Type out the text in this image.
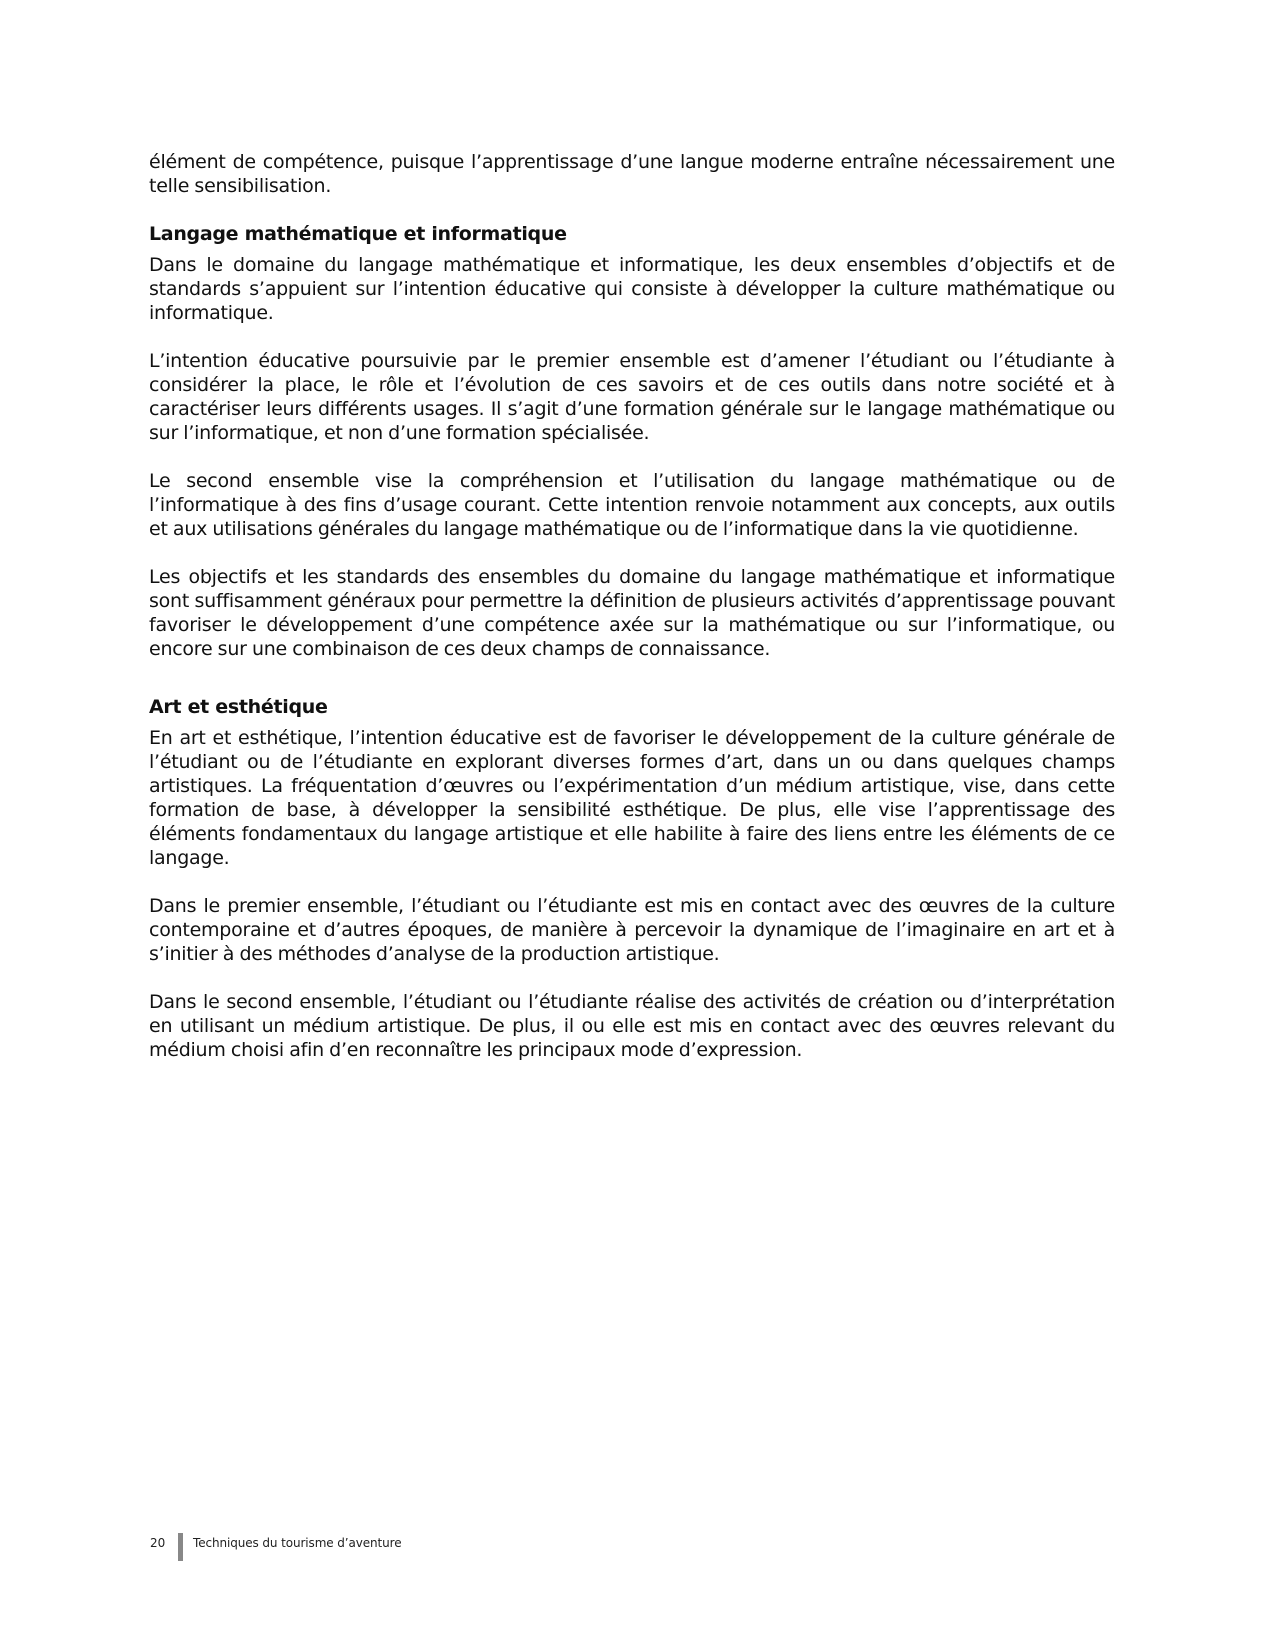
élément de compétence, puisque l’apprentissage d’une langue moderne entraîne nécessairement une telle sensibilisation.

Langage mathématique et informatique

Dans le domaine du langage mathématique et informatique, les deux ensembles d’objectifs et de standards s’appuient sur l’intention éducative qui consiste à développer la culture mathématique ou informatique.

L’intention éducative poursuivie par le premier ensemble est d’amener l’étudiant ou l’étudiante à considérer la place, le rôle et l’évolution de ces savoirs et de ces outils dans notre société et à caractériser leurs différents usages. Il s’agit d’une formation générale sur le langage mathématique ou sur l’informatique, et non d’une formation spécialisée.

Le second ensemble vise la compréhension et l’utilisation du langage mathématique ou de l’informatique à des fins d’usage courant. Cette intention renvoie notamment aux concepts, aux outils et aux utilisations générales du langage mathématique ou de l’informatique dans la vie quotidienne.

Les objectifs et les standards des ensembles du domaine du langage mathématique et informatique sont suffisamment généraux pour permettre la définition de plusieurs activités d’apprentissage pouvant favoriser le développement d’une compétence axée sur la mathématique ou sur l’informatique, ou encore sur une combinaison de ces deux champs de connaissance.

Art et esthétique

En art et esthétique, l’intention éducative est de favoriser le développement de la culture générale de l’étudiant ou de l’étudiante en explorant diverses formes d’art, dans un ou dans quelques champs artistiques. La fréquentation d’œuvres ou l’expérimentation d’un médium artistique, vise, dans cette formation de base, à développer la sensibilité esthétique. De plus, elle vise l’apprentissage des éléments fondamentaux du langage artistique et elle habilite à faire des liens entre les éléments de ce langage.

Dans le premier ensemble, l’étudiant ou l’étudiante est mis en contact avec des œuvres de la culture contemporaine et d’autres époques, de manière à percevoir la dynamique de l’imaginaire en art et à s’initier à des méthodes d’analyse de la production artistique.

Dans le second ensemble, l’étudiant ou l’étudiante réalise des activités de création ou d’interprétation en utilisant un médium artistique. De plus, il ou elle est mis en contact avec des œuvres relevant du médium choisi afin d’en reconnaître les principaux mode d’expression.

20	Techniques du tourisme d’aventure
